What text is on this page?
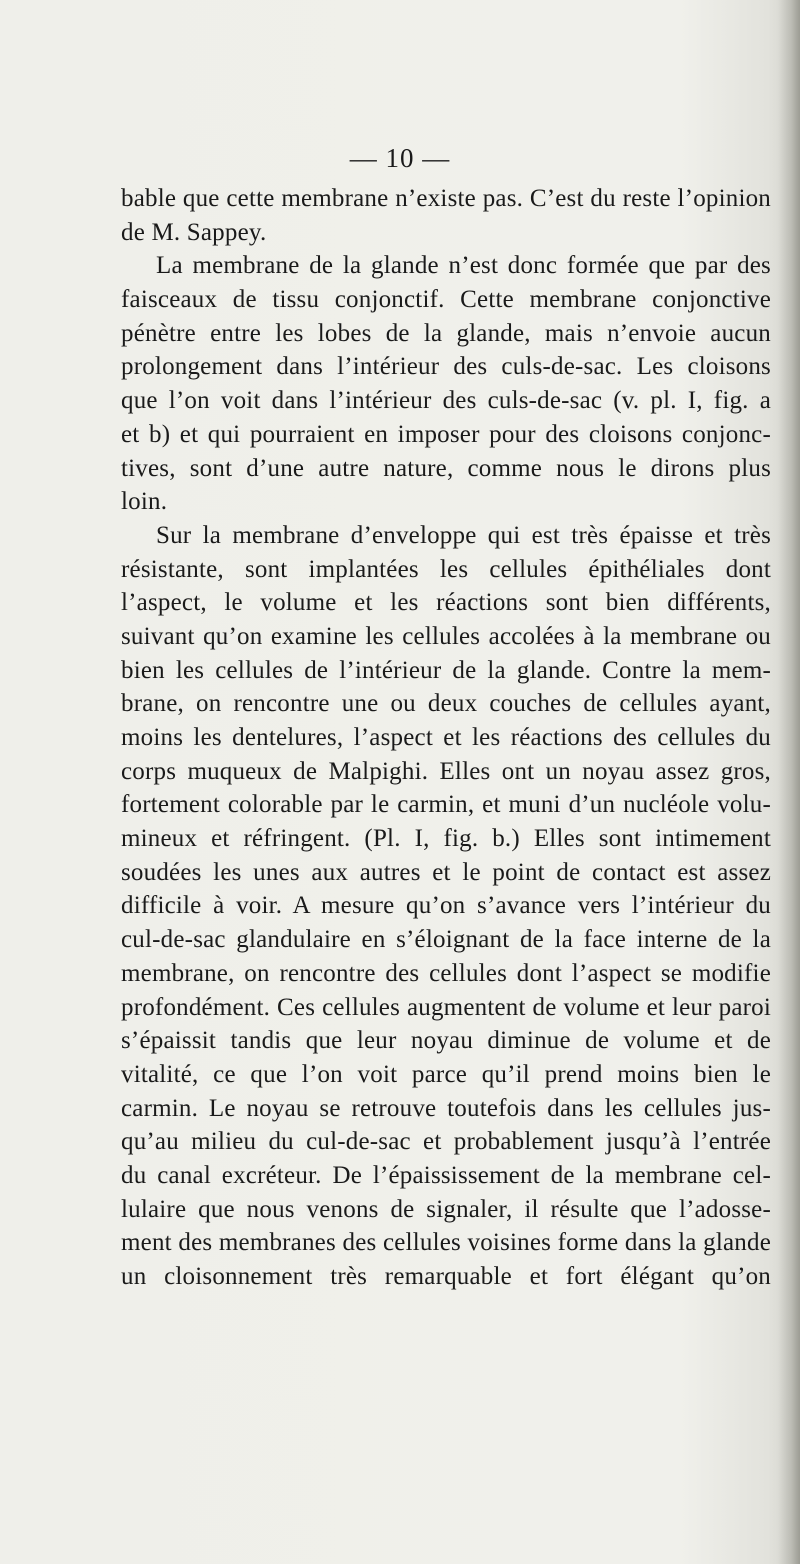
— 10 —
bable que cette membrane n’existe pas. C’est du reste l’opinion
de M. Sappey.
La membrane de la glande n’est donc formée que par des
faisceaux de tissu conjonctif. Cette membrane conjonctive
pénètre entre les lobes de la glande, mais n’envoie aucun
prolongement dans l’intérieur des culs-de-sac. Les cloisons
que l’on voit dans l’intérieur des culs-de-sac (v. pl. I, fig. a
et b) et qui pourraient en imposer pour des cloisons conjonc-
tives, sont d’une autre nature, comme nous le dirons plus
loin.
Sur la membrane d’enveloppe qui est très épaisse et très
résistante, sont implantées les cellules épithéliales dont
l’aspect, le volume et les réactions sont bien différents,
suivant qu’on examine les cellules accolées à la membrane ou
bien les cellules de l’intérieur de la glande. Contre la mem-
brane, on rencontre une ou deux couches de cellules ayant,
moins les dentelures, l’aspect et les réactions des cellules du
corps muqueux de Malpighi. Elles ont un noyau assez gros,
fortement colorable par le carmin, et muni d’un nucléole volu-
mineux et réfringent. (Pl. I, fig. b.) Elles sont intimement
soudées les unes aux autres et le point de contact est assez
difficile à voir. A mesure qu’on s’avance vers l’intérieur du
cul-de-sac glandulaire en s’éloignant de la face interne de la
membrane, on rencontre des cellules dont l’aspect se modifie
profondément. Ces cellules augmentent de volume et leur paroi
s’épaissit tandis que leur noyau diminue de volume et de
vitalité, ce que l’on voit parce qu’il prend moins bien le
carmin. Le noyau se retrouve toutefois dans les cellules jus-
qu’au milieu du cul-de-sac et probablement jusqu’à l’entrée
du canal excréteur. De l’épaississement de la membrane cel-
lulaire que nous venons de signaler, il résulte que l’adosse-
ment des membranes des cellules voisines forme dans la glande
un cloisonnement très remarquable et fort élégant qu’on
